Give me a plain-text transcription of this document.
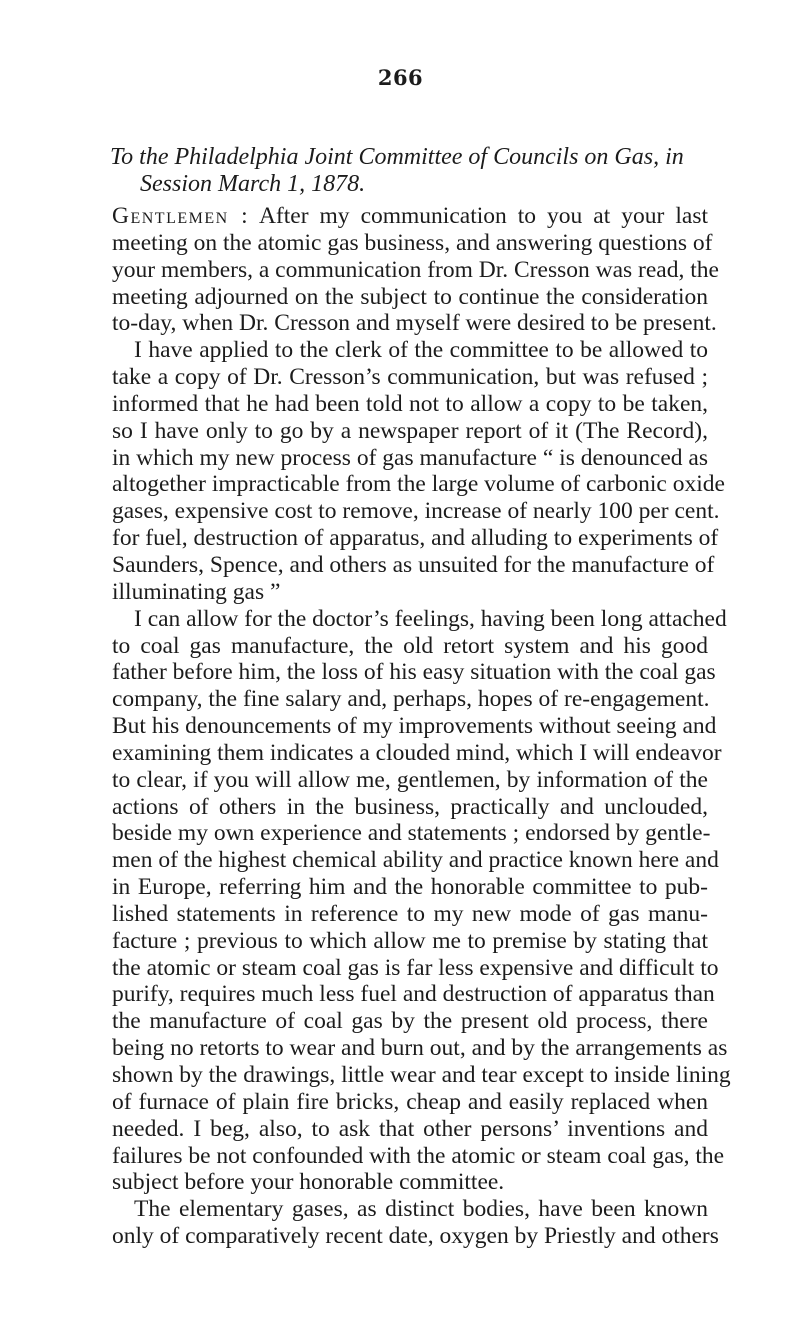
266
To the Philadelphia Joint Committee of Councils on Gas, in
Session March 1, 1878.
Gentlemen : After my communication to you at your last
meeting on the atomic gas business, and answering questions of
your members, a communication from Dr. Cresson was read, the
meeting adjourned on the subject to continue the consideration
to-day, when Dr. Cresson and myself were desired to be present.
I have applied to the clerk of the committee to be allowed to
take a copy of Dr. Cresson’s communication, but was refused ;
informed that he had been told not to allow a copy to be taken,
so I have only to go by a newspaper report of it (The Record),
in which my new process of gas manufacture “ is denounced as
altogether impracticable from the large volume of carbonic oxide
gases, expensive cost to remove, increase of nearly 100 per cent.
for fuel, destruction of apparatus, and alluding to experiments of
Saunders, Spence, and others as unsuited for the manufacture of
illuminating gas ”
I can allow for the doctor’s feelings, having been long attached
to coal gas manufacture, the old retort system and his good
father before him, the loss of his easy situation with the coal gas
company, the fine salary and, perhaps, hopes of re-engagement.
But his denouncements of my improvements without seeing and
examining them indicates a clouded mind, which I will endeavor
to clear, if you will allow me, gentlemen, by information of the
actions of others in the business, practically and unclouded,
beside my own experience and statements ; endorsed by gentle-
men of the highest chemical ability and practice known here and
in Europe, referring him and the honorable committee to pub-
lished statements in reference to my new mode of gas manu-
facture ; previous to which allow me to premise by stating that
the atomic or steam coal gas is far less expensive and difficult to
purify, requires much less fuel and destruction of apparatus than
the manufacture of coal gas by the present old process, there
being no retorts to wear and burn out, and by the arrangements as
shown by the drawings, little wear and tear except to inside lining
of furnace of plain fire bricks, cheap and easily replaced when
needed. I beg, also, to ask that other persons’ inventions and
failures be not confounded with the atomic or steam coal gas, the
subject before your honorable committee.
The elementary gases, as distinct bodies, have been known
only of comparatively recent date, oxygen by Priestly and others
